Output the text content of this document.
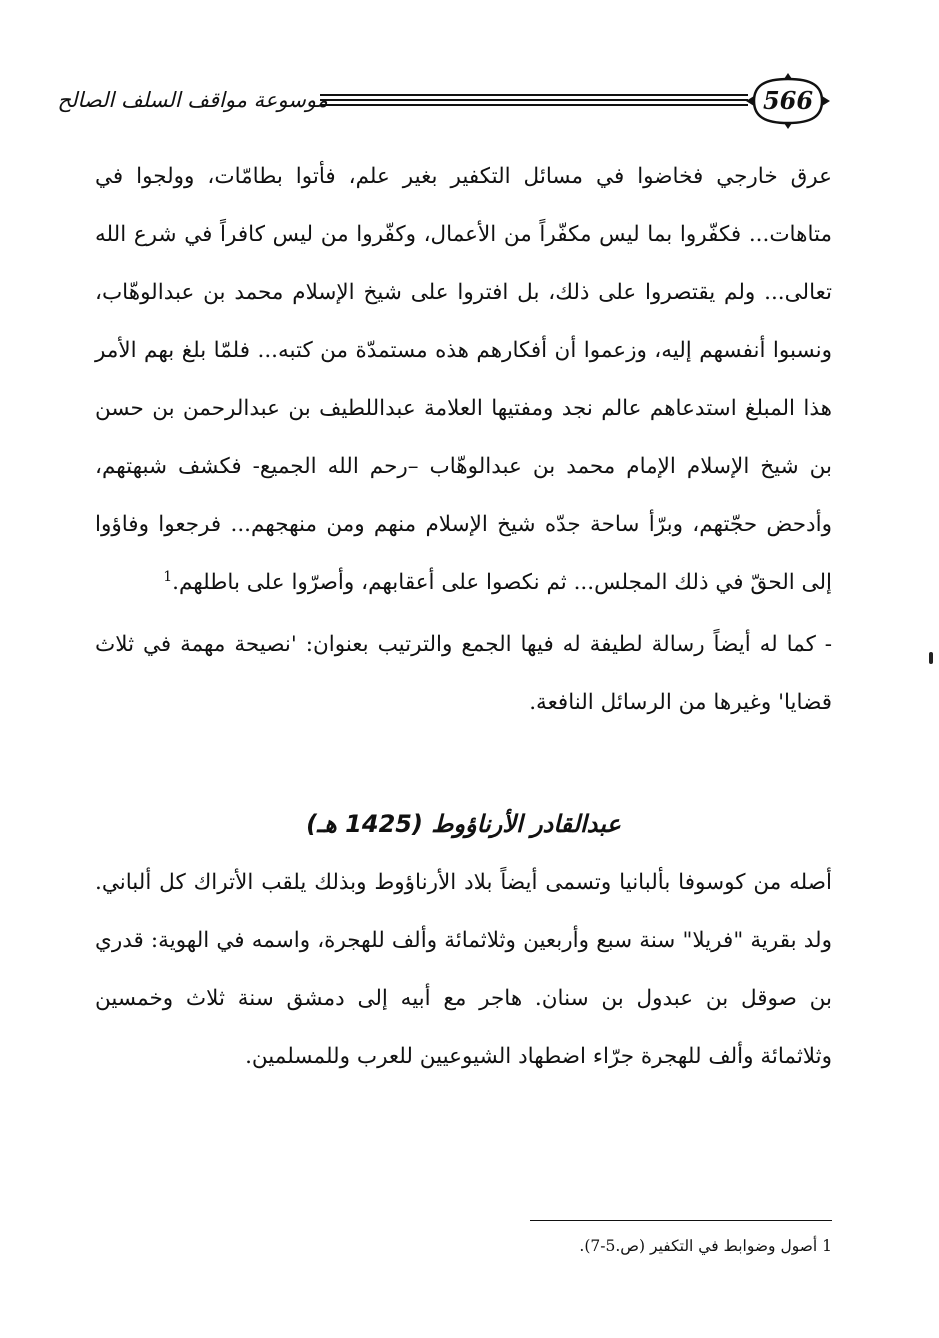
566
موسوعة مواقف السلف الصالح

عرق خارجي فخاضوا في مسائل التكفير بغير علم، فأتوا بطامّات، وولجوا في متاهات... فكفّروا بما ليس مكفّراً من الأعمال، وكفّروا من ليس كافراً في شرع الله تعالى... ولم يقتصروا على ذلك، بل افتروا على شيخ الإسلام محمد بن عبدالوهّاب، ونسبوا أنفسهم إليه، وزعموا أن أفكارهم هذه مستمدّة من كتبه... فلمّا بلغ بهم الأمر هذا المبلغ استدعاهم عالم نجد ومفتيها العلامة عبداللطيف بن عبدالرحمن بن حسن بن شيخ الإسلام الإمام محمد بن عبدالوهّاب –رحم الله الجميع- فكشف شبهتهم، وأدحض حجّتهم، وبرّأ ساحة جدّه شيخ الإسلام منهم ومن منهجهم... فرجعوا وفاؤوا إلى الحقّ في ذلك المجلس... ثم نكصوا على أعقابهم، وأصرّوا على باطلهم.$^1$

- كما له أيضاً رسالة لطيفة له فيها الجمع والترتيب بعنوان: 'نصيحة مهمة في ثلاث قضايا' وغيرها من الرسائل النافعة.

عبدالقادر الأرناؤوط (1425 هـ)

أصله من كوسوفا بألبانيا وتسمى أيضاً بلاد الأرناؤوط وبذلك يلقب الأتراك كل ألباني. ولد بقرية "فريلا" سنة سبع وأربعين وثلاثمائة وألف للهجرة، واسمه في الهوية: قدري بن صوقل بن عبدول بن سنان. هاجر مع أبيه إلى دمشق سنة ثلاث وخمسين وثلاثمائة وألف للهجرة جرّاء اضطهاد الشيوعيين للعرب وللمسلمين.

1 أصول وضوابط في التكفير (ص.5-7).
